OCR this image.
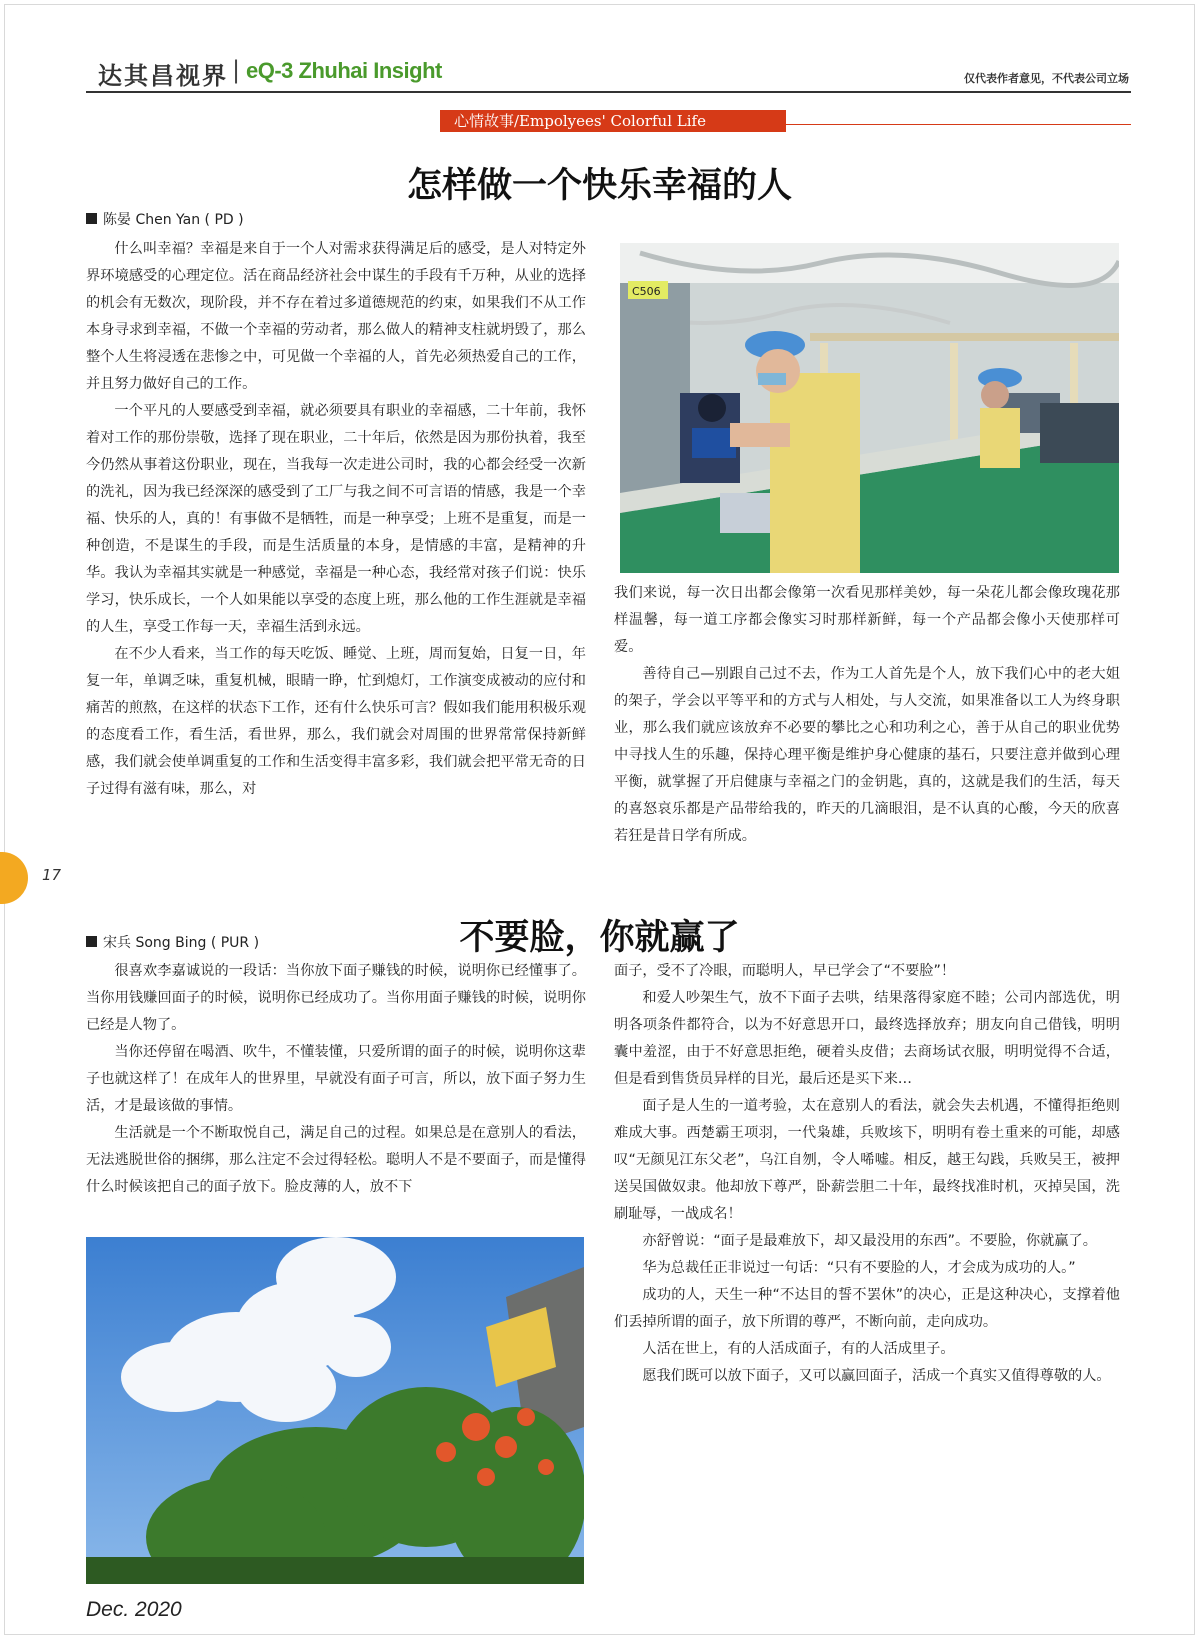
达其昌视界 | eQ-3 Zhuhai Insight	仅代表作者意见，不代表公司立场
心情故事/Empolyees' Colorful Life
怎样做一个快乐幸福的人
陈晏 Chen Yan ( PD )

什么叫幸福？幸福是来自于一个人对需求获得满足后的感受，是人对特定外界环境感受的心理定位。活在商品经济社会中谋生的手段有千万种，从业的选择的机会有无数次，现阶段，并不存在着过多道德规范的约束，如果我们不从工作本身寻求到幸福，不做一个幸福的劳动者，那么做人的精神支柱就坍毁了，那么整个人生将浸透在悲惨之中，可见做一个幸福的人，首先必须热爱自己的工作，并且努力做好自己的工作。

一个平凡的人要感受到幸福，就必须要具有职业的幸福感，二十年前，我怀着对工作的那份崇敬，选择了现在职业，二十年后，依然是因为那份执着，我至今仍然从事着这份职业，现在，当我每一次走进公司时，我的心都会经受一次新的洗礼，因为我已经深深的感受到了工厂与我之间不可言语的情感，我是一个幸福、快乐的人，真的！有事做不是牺牲，而是一种享受；上班不是重复，而是一种创造，不是谋生的手段，而是生活质量的本身，是情感的丰富，是精神的升华。我认为幸福其实就是一种感觉，幸福是一种心态，我经常对孩子们说：快乐学习，快乐成长，一个人如果能以享受的态度上班，那么他的工作生涯就是幸福的人生，享受工作每一天，幸福生活到永远。

在不少人看来，当工作的每天吃饭、睡觉、上班，周而复始，日复一日，年复一年，单调乏味，重复机械，眼睛一睁，忙到熄灯，工作演变成被动的应付和痛苦的煎熬，在这样的状态下工作，还有什么快乐可言？假如我们能用积极乐观的态度看工作，看生活，看世界，那么，我们就会对周围的世界常常保持新鲜感，我们就会使单调重复的工作和生活变得丰富多彩，我们就会把平常无奇的日子过得有滋有味，那么，对

C506

我们来说，每一次日出都会像第一次看见那样美妙，每一朵花儿都会像玫瑰花那样温馨，每一道工序都会像实习时那样新鲜，每一个产品都会像小天使那样可爱。

善待自己—别跟自己过不去，作为工人首先是个人，放下我们心中的老大姐的架子，学会以平等平和的方式与人相处，与人交流，如果准备以工人为终身职业，那么我们就应该放弃不必要的攀比之心和功利之心，善于从自己的职业优势中寻找人生的乐趣，保持心理平衡是维护身心健康的基石，只要注意并做到心理平衡，就掌握了开启健康与幸福之门的金钥匙，真的，这就是我们的生活，每天的喜怒哀乐都是产品带给我的，昨天的几滴眼泪，是不认真的心酸，今天的欣喜若狂是昔日学有所成。

17
不要脸，你就赢了
宋兵 Song Bing ( PUR )

很喜欢李嘉诚说的一段话：当你放下面子赚钱的时候，说明你已经懂事了。当你用钱赚回面子的时候，说明你已经成功了。当你用面子赚钱的时候，说明你已经是人物了。

当你还停留在喝酒、吹牛，不懂装懂，只爱所谓的面子的时候，说明你这辈子也就这样了！在成年人的世界里，早就没有面子可言，所以，放下面子努力生活，才是最该做的事情。

生活就是一个不断取悦自己，满足自己的过程。如果总是在意别人的看法，无法逃脱世俗的捆绑，那么注定不会过得轻松。聪明人不是不要面子，而是懂得什么时候该把自己的面子放下。脸皮薄的人，放不下

面子，受不了冷眼，而聪明人，早已学会了“不要脸”！

和爱人吵架生气，放不下面子去哄，结果落得家庭不睦；公司内部选优，明明各项条件都符合，以为不好意思开口，最终选择放弃；朋友向自己借钱，明明囊中羞涩，由于不好意思拒绝，硬着头皮借；去商场试衣服，明明觉得不合适，但是看到售货员异样的目光，最后还是买下来…

面子是人生的一道考验，太在意别人的看法，就会失去机遇，不懂得拒绝则难成大事。西楚霸王项羽，一代枭雄，兵败垓下，明明有卷土重来的可能，却感叹“无颜见江东父老”，乌江自刎，令人唏嘘。相反，越王勾践，兵败吴王，被押送吴国做奴隶。他却放下尊严，卧薪尝胆二十年，最终找准时机，灭掉吴国，洗刷耻辱，一战成名！

亦舒曾说：“面子是最难放下，却又最没用的东西”。不要脸，你就赢了。

华为总裁任正非说过一句话：“只有不要脸的人，才会成为成功的人。”

成功的人，天生一种“不达目的誓不罢休”的决心，正是这种决心，支撑着他们丢掉所谓的面子，放下所谓的尊严，不断向前，走向成功。

人活在世上，有的人活成面子，有的人活成里子。

愿我们既可以放下面子，又可以赢回面子，活成一个真实又值得尊敬的人。

Dec. 2020
